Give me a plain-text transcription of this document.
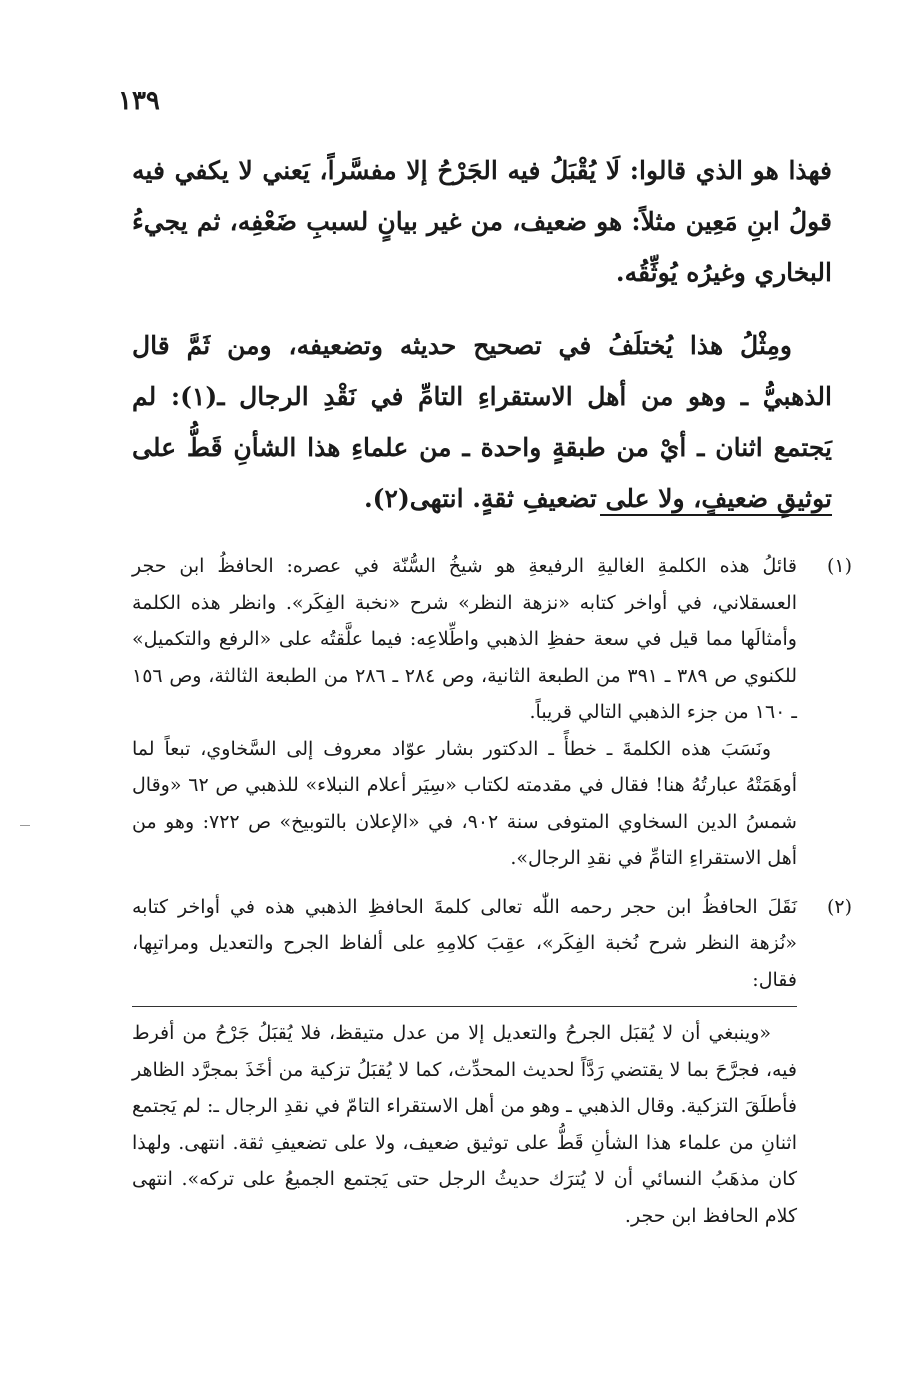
١٣٩

فهذا هو الذي قالوا: لَا يُقْبَلُ فيه الجَرْحُ إلا مفسَّراً، يَعني لا يكفي فيه قولُ ابنِ مَعِين مثلاً: هو ضعيف، من غير بيانٍ لسببِ ضَعْفِه، ثم يجيءُ البخاري وغيرُه يُوثِّقُه.

ومِثْلُ هذا يُختلَفُ في تصحيح حديثه وتضعيفه، ومن ثَمَّ قال الذهبيُّ ـ وهو من أهل الاستقراءِ التامِّ في نَقْدِ الرجال ـ(١): لم يَجتمع اثنان ـ أيْ من طبقةٍ واحدة ـ من علماءِ هذا الشأنِ قَطُّ على توثيقِ ضعيفٍ، ولا على تضعيفِ ثقةٍ. انتهى(٢).

(١)

قائلُ هذه الكلمةِ الغاليةِ الرفيعةِ هو شيخُ السُّنّة في عصره: الحافظُ ابن حجر العسقلاني، في أواخر كتابه «نزهة النظر» شرح «نخبة الفِكَر». وانظر هذه الكلمة وأمثالَها مما قيل في سعة حفظِ الذهبي واطِّلاعِه: فيما علَّقتُه على «الرفع والتكميل» للكنوي ص ٣٨٩ ـ ٣٩١ من الطبعة الثانية، وص ٢٨٤ ـ ٢٨٦ من الطبعة الثالثة، وص ١٥٦ ـ ١٦٠ من جزء الذهبي التالي قريباً.

ونَسَبَ هذه الكلمةَ ـ خطأً ـ الدكتور بشار عوّاد معروف إلى السَّخاوي، تبعاً لما أوهَمَتْهُ عبارتُهُ هنا! فقال في مقدمته لكتاب «سِيَر أعلام النبلاء» للذهبي ص ٦٢ «وقال شمسُ الدين السخاوي المتوفى سنة ٩٠٢، في «الإعلان بالتوبيخ» ص ٧٢٢: وهو من أهل الاستقراءِ التامِّ في نقدِ الرجال».

(٢)

نَقَلَ الحافظُ ابن حجر رحمه اللّٰه تعالى كلمةَ الحافظِ الذهبي هذه في أواخر كتابه «نُزهة النظر شرح نُخبة الفِكَر»، عقِبَ كلامِهِ على ألفاظ الجرح والتعديل ومراتبِها، فقال:

«وينبغي أن لا يُقبَل الجرحُ والتعديل إلا من عدل متيقظ، فلا يُقبَلُ جَرْحُ من أفرط فيه، فجرَّحَ بما لا يقتضي رَدَّاً لحديث المحدِّث، كما لا يُقبَلُ تزكية من أخَذَ بمجرَّد الظاهر فأطلَقَ التزكية. وقال الذهبي ـ وهو من أهل الاستقراء التامّ في نقدِ الرجال ـ: لم يَجتمع اثنانِ من علماء هذا الشأنِ قَطُّ على توثيق ضعيف، ولا على تضعيفِ ثقة. انتهى. ولهذا كان مذهَبُ النسائي أن لا يُترَك حديثُ الرجل حتى يَجتمع الجميعُ على تركه». انتهى كلام الحافظ ابن حجر.
